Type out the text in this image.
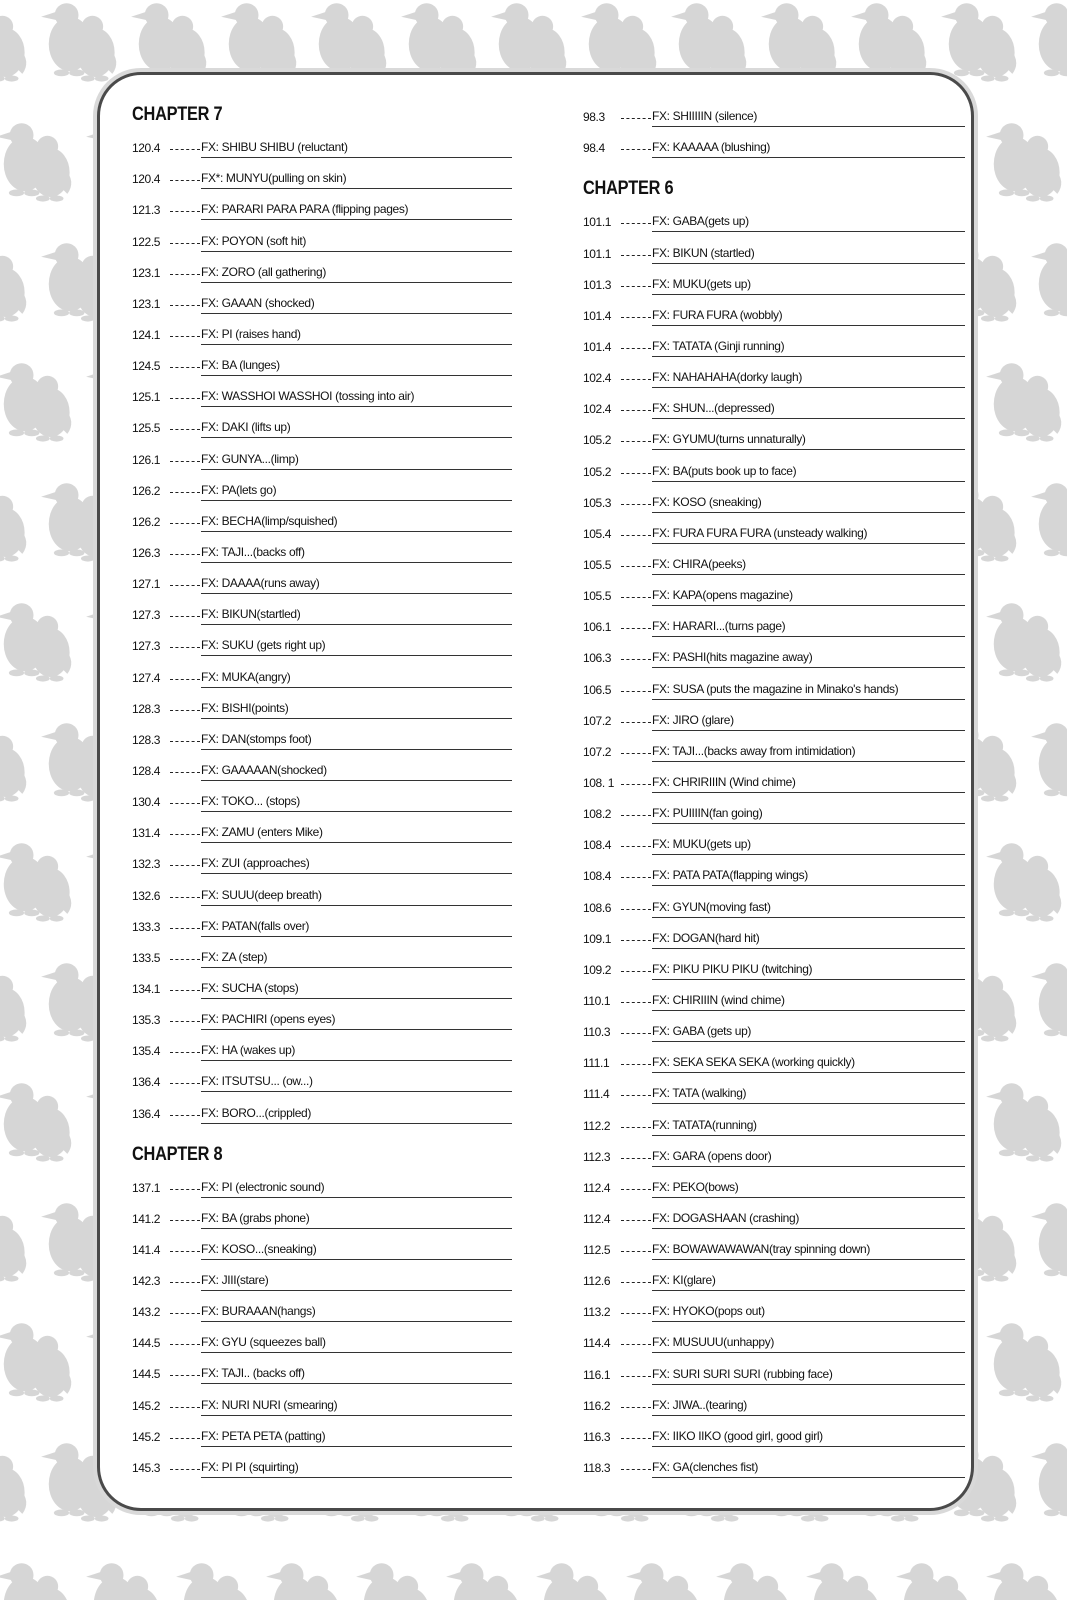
CHAPTER 7
120.4	FX: SHIBU SHIBU (reluctant)
120.4	FX*: MUNYU(pulling on skin)
121.3	FX: PARARI PARA PARA (flipping pages)
122.5	FX: POYON (soft hit)
123.1	FX: ZORO (all gathering)
123.1	FX: GAAAN (shocked)
124.1	FX: PI (raises hand)
124.5	FX: BA (lunges)
125.1	FX: WASSHOI WASSHOI (tossing into air)
125.5	FX: DAKI (lifts up)
126.1	FX: GUNYA...(limp)
126.2	FX: PA(lets go)
126.2	FX: BECHA(limp/squished)
126.3	FX: TAJI...(backs off)
127.1	FX: DAAAA(runs away)
127.3	FX: BIKUN(startled)
127.3	FX: SUKU (gets right up)
127.4	FX: MUKA(angry)
128.3	FX: BISHI(points)
128.3	FX: DAN(stomps foot)
128.4	FX: GAAAAAN(shocked)
130.4	FX: TOKO... (stops)
131.4	FX: ZAMU (enters Mike)
132.3	FX: ZUI (approaches)
132.6	FX: SUUU(deep breath)
133.3	FX: PATAN(falls over)
133.5	FX: ZA (step)
134.1	FX: SUCHA (stops)
135.3	FX: PACHIRI (opens eyes)
135.4	FX: HA (wakes up)
136.4	FX: ITSUTSU... (ow...)
136.4	FX: BORO...(crippled)
CHAPTER 8
137.1	FX: PI (electronic sound)
141.2	FX: BA (grabs phone)
141.4	FX: KOSO...(sneaking)
142.3	FX: JIII(stare)
143.2	FX: BURAAAN(hangs)
144.5	FX: GYU (squeezes ball)
144.5	FX: TAJI.. (backs off)
145.2	FX: NURI NURI (smearing)
145.2	FX: PETA PETA (patting)
145.3	FX: PI PI (squirting)
98.3	FX: SHIIIIIN (silence)
98.4	FX: KAAAAA (blushing)
CHAPTER 6
101.1	FX: GABA(gets up)
101.1	FX: BIKUN (startled)
101.3	FX: MUKU(gets up)
101.4	FX: FURA FURA (wobbly)
101.4	FX: TATATA (Ginji running)
102.4	FX: NAHAHAHA(dorky laugh)
102.4	FX: SHUN...(depressed)
105.2	FX: GYUMU(turns unnaturally)
105.2	FX: BA(puts book up to face)
105.3	FX: KOSO (sneaking)
105.4	FX: FURA FURA FURA (unsteady walking)
105.5	FX: CHIRA(peeks)
105.5	FX: KAPA(opens magazine)
106.1	FX: HARARI...(turns page)
106.3	FX: PASHI(hits magazine away)
106.5	FX: SUSA (puts the magazine in Minako's hands)
107.2	FX: JIRO (glare)
107.2	FX: TAJI...(backs away from intimidation)
108. 1	FX: CHRIRIIIN (Wind chime)
108.2	FX: PUIIIIN(fan going)
108.4	FX: MUKU(gets up)
108.4	FX: PATA PATA(flapping wings)
108.6	FX: GYUN(moving fast)
109.1	FX: DOGAN(hard hit)
109.2	FX: PIKU PIKU PIKU (twitching)
110.1	FX: CHIRIIIN (wind chime)
110.3	FX: GABA (gets up)
111.1	FX: SEKA SEKA SEKA (working quickly)
111.4	FX: TATA (walking)
112.2	FX: TATATA(running)
112.3	FX: GARA (opens door)
112.4	FX: PEKO(bows)
112.4	FX: DOGASHAAN (crashing)
112.5	FX: BOWAWAWAWAN(tray spinning down)
112.6	FX: KI(glare)
113.2	FX: HYOKO(pops out)
114.4	FX: MUSUUU(unhappy)
116.1	FX: SURI SURI SURI (rubbing face)
116.2	FX: JIWA..(tearing)
116.3	FX: IIKO IIKO (good girl, good girl)
118.3	FX: GA(clenches fist)
